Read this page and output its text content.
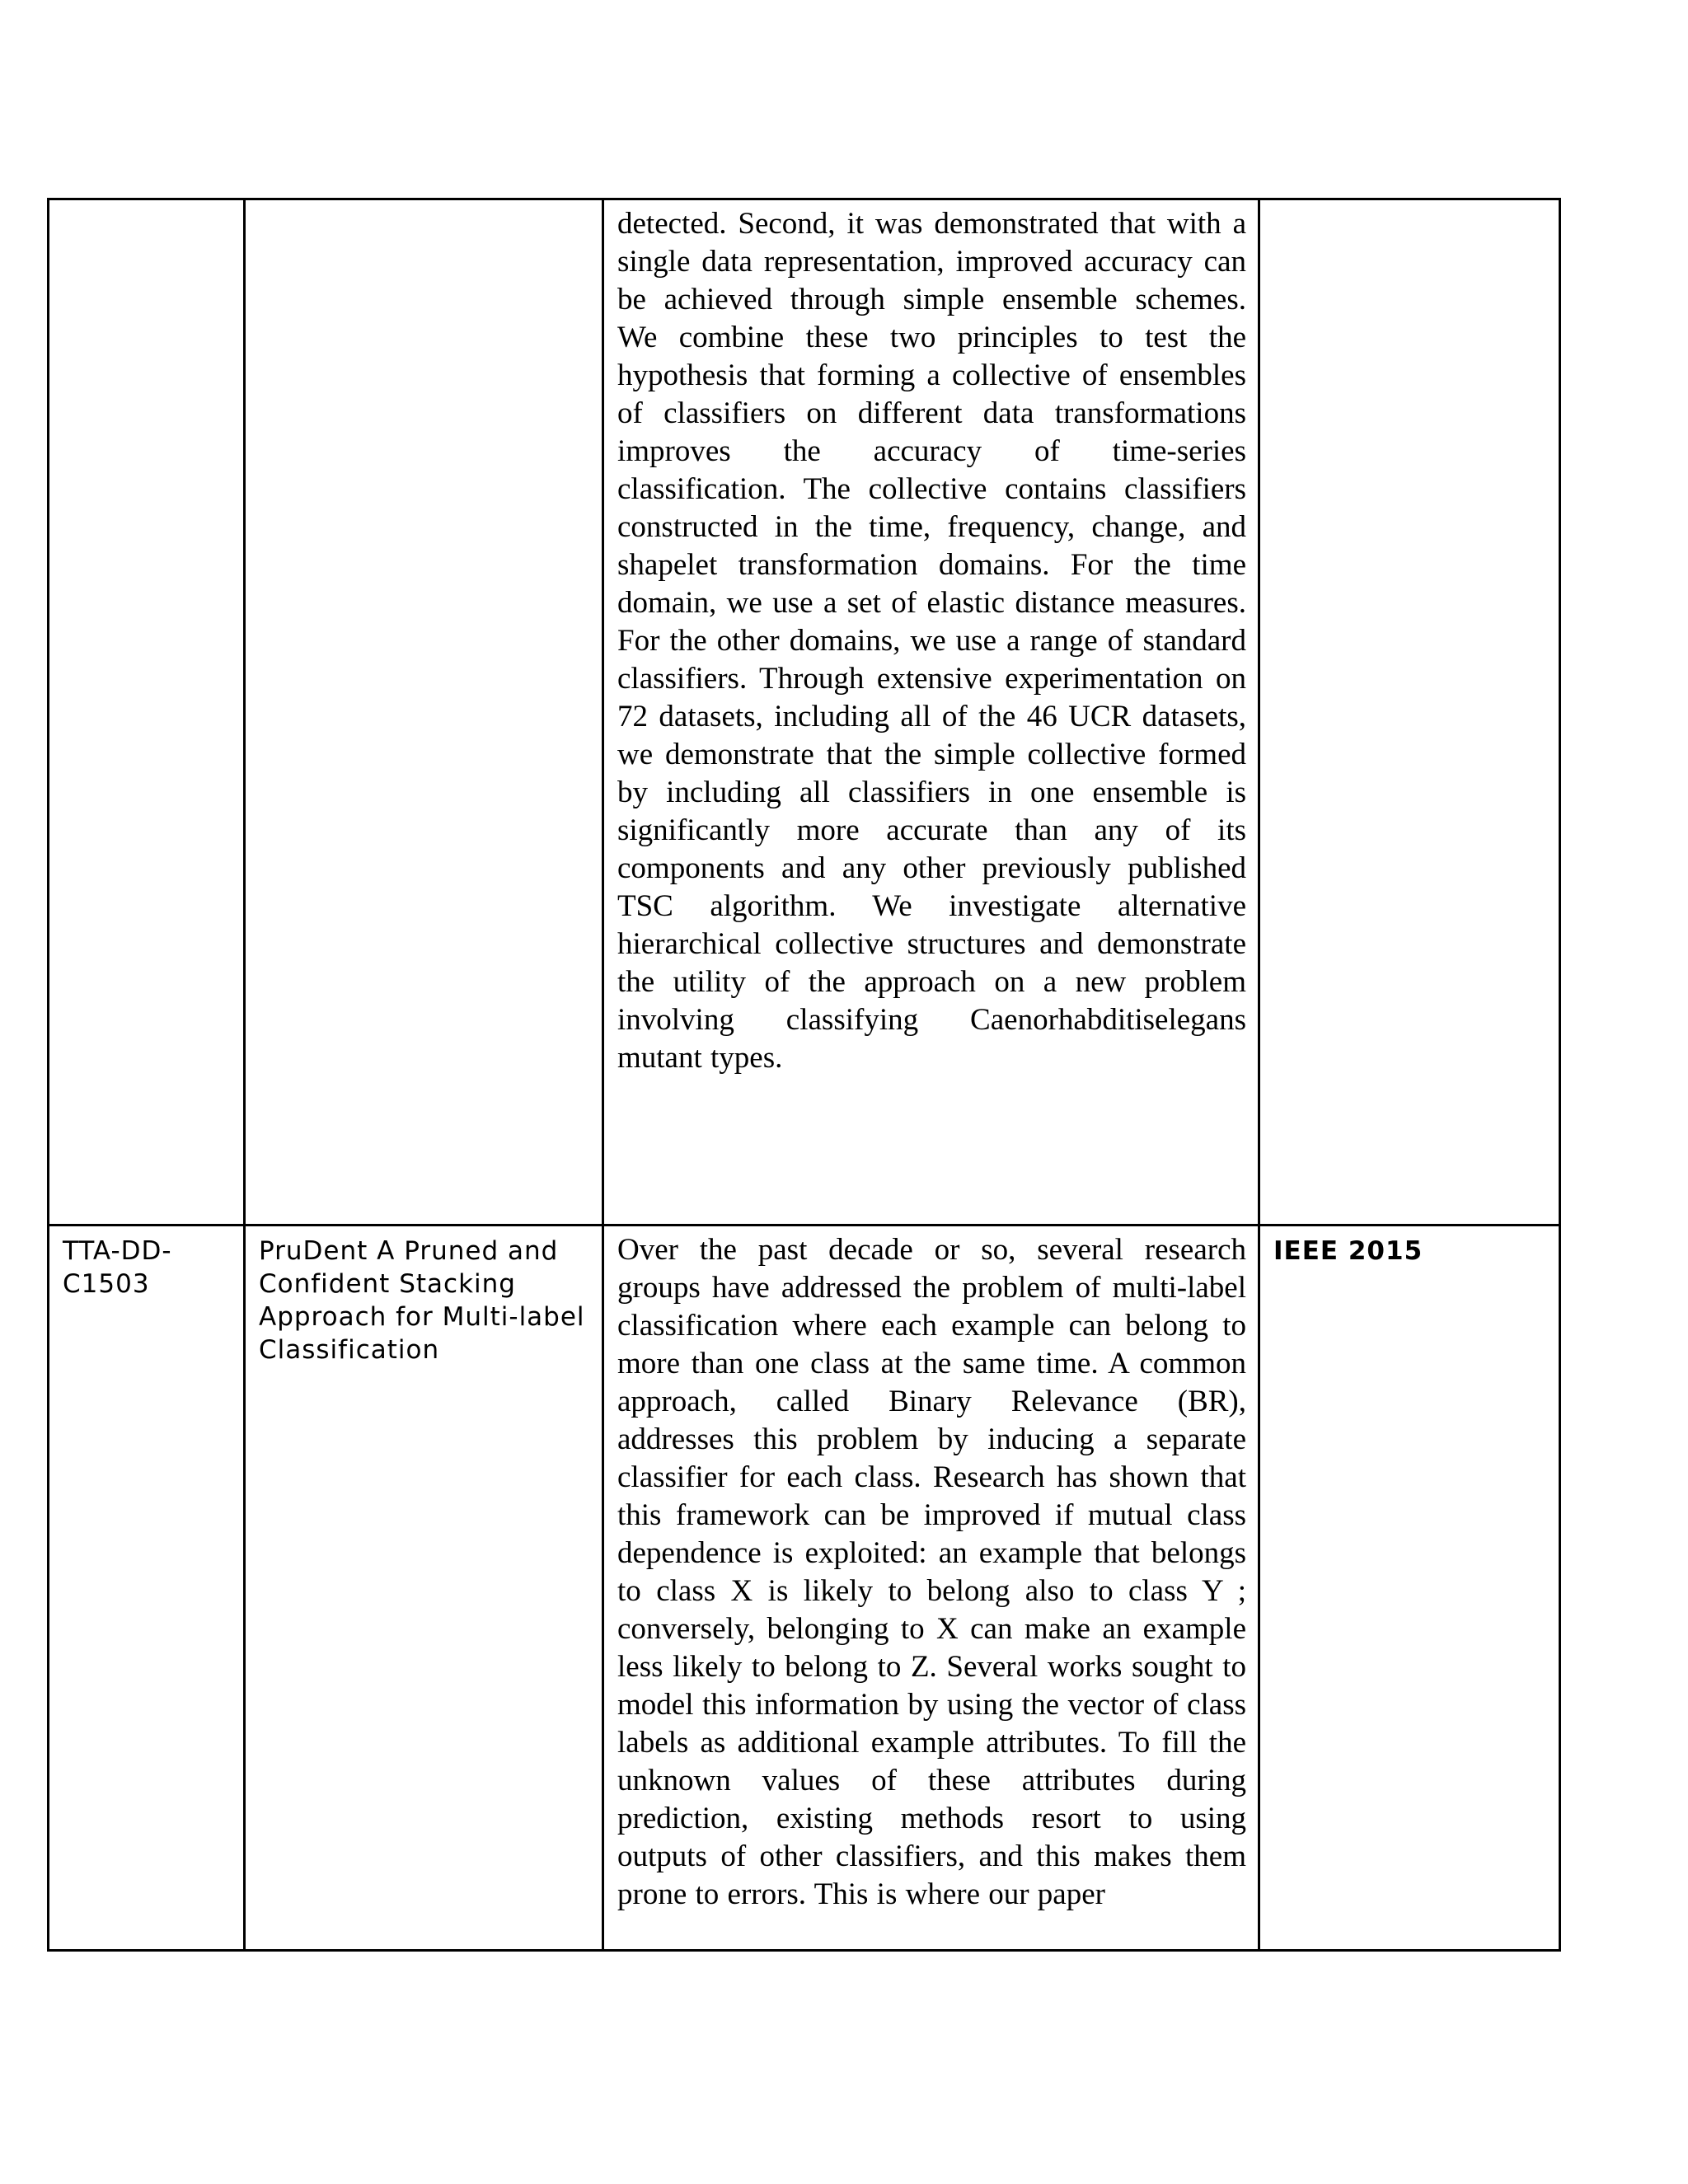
		detected. Second, it was demonstrated that with a single data representation, improved accuracy can be achieved through simple ensemble schemes. We combine these two principles to test the hypothesis that forming a collective of ensembles of classifiers on different data transformations improves the accuracy of time-series classification. The collective contains classifiers constructed in the time, frequency, change, and shapelet transformation domains. For the time domain, we use a set of elastic distance measures. For the other domains, we use a range of standard classifiers. Through extensive experimentation on 72 datasets, including all of the 46 UCR datasets, we demonstrate that the simple collective formed by including all classifiers in one ensemble is significantly more accurate than any of its components and any other previously published TSC algorithm. We investigate alternative hierarchical collective structures and demonstrate the utility of the approach on a new problem involving classifying Caenorhabditiselegans mutant types.	

TTA-DD-C1503	PruDent A Pruned and Confident Stacking Approach for Multi-label Classification	Over the past decade or so, several research groups have addressed the problem of multi-label classification where each example can belong to more than one class at the same time. A common approach, called Binary Relevance (BR), addresses this problem by inducing a separate classifier for each class. Research has shown that this framework can be improved if mutual class dependence is exploited: an example that belongs to class X is likely to belong also to class Y ; conversely, belonging to X can make an example less likely to belong to Z. Several works sought to model this information by using the vector of class labels as additional example attributes. To fill the unknown values of these attributes during prediction, existing methods resort to using outputs of other classifiers, and this makes them prone to errors. This is where our paper	IEEE 2015
